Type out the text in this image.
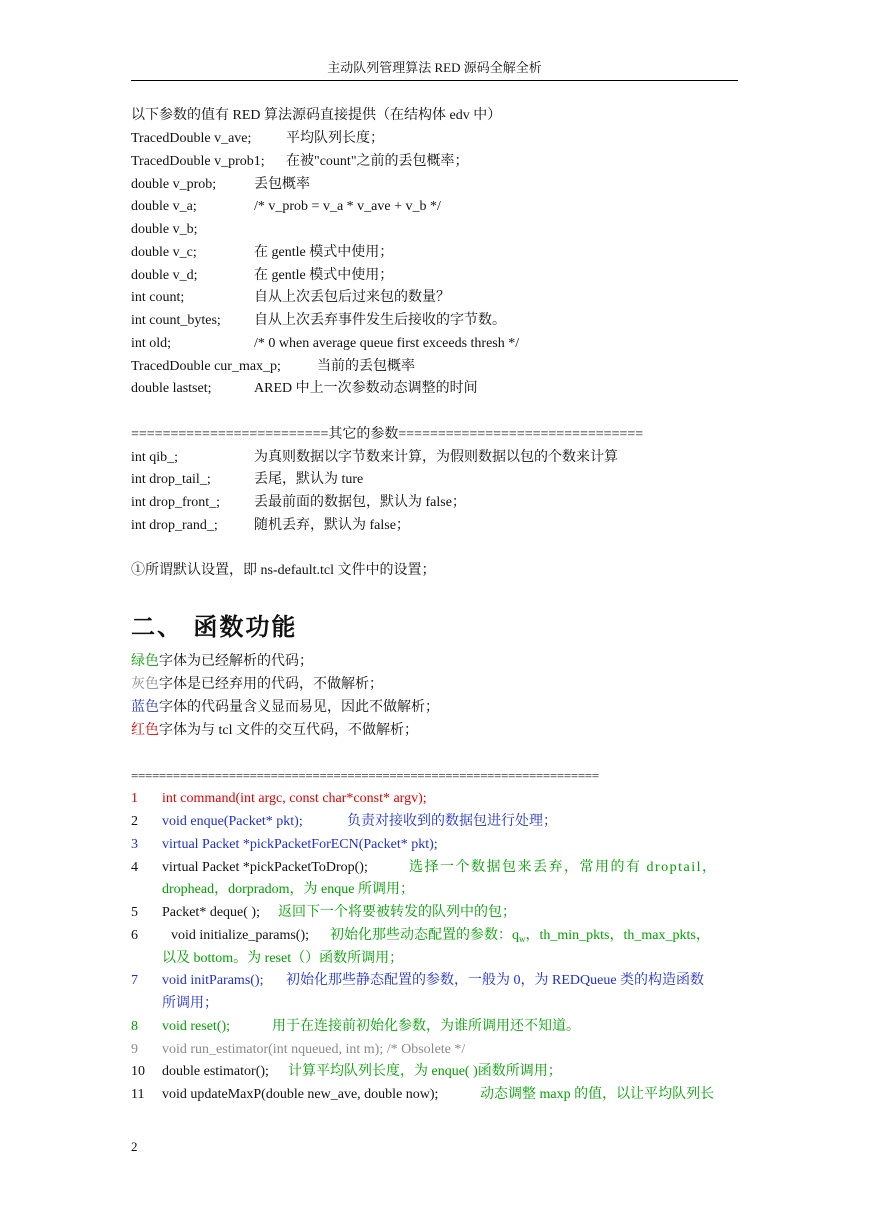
主动队列管理算法 RED 源码全解全析
以下参数的值有 RED 算法源码直接提供（在结构体 edv 中）
TracedDouble v_ave; 平均队列长度；
TracedDouble v_prob1; 在被"count"之前的丢包概率；
double v_prob;	丢包概率
double v_a;	/* v_prob = v_a * v_ave + v_b */
double v_b;
double v_c;	在 gentle 模式中使用；
double v_d;	在 gentle 模式中使用；
int count;	自从上次丢包后过来包的数量？
int count_bytes; 自从上次丢弃事件发生后接收的字节数。
int old;	/* 0 when average queue first exceeds thresh */
TracedDouble cur_max_p;	当前的丢包概率
double lastset;	ARED 中上一次参数动态调整的时间
=========================其它的参数===============================
int qib_;	为真则数据以字节数来计算，为假则数据以包的个数来计算
int drop_tail_;	丢尾，默认为 ture
int drop_front_; 丢最前面的数据包，默认为 false；
int drop_rand_;	随机丢弃，默认为 false；
①所谓默认设置，即 ns-default.tcl 文件中的设置；
二、 函数功能
绿色字体为已经解析的代码；
灰色字体是已经弃用的代码，不做解析；
蓝色字体的代码量含义显而易见，因此不做解析；
红色字体为与 tcl 文件的交互代码，不做解析；
===================================================================
1 int command(int argc, const char*const* argv);
2 void enque(Packet* pkt);	负责对接收到的数据包进行处理；
3 virtual Packet *pickPacketForECN(Packet* pkt);
4 virtual Packet *pickPacketToDrop();	选择一个数据包来丢弃，常用的有 droptail，
drophead，dorpradom，为 enque 所调用；
5 Packet* deque( ); 返回下一个将要被转发的队列中的包；
6 void initialize_params(); 初始化那些动态配置的参数：$q_w$，th_min_pkts，th_max_pkts，
以及 bottom。为 reset（）函数所调用；
7 void initParams(); 初始化那些静态配置的参数，一般为 0，为 REDQueue 类的构造函数
所调用；
8 void reset();	用于在连接前初始化参数，为谁所调用还不知道。
9 void run_estimator(int nqueued, int m); /* Obsolete */
10 double estimator(); 计算平均队列长度，为 enque( )函数所调用；
11 void updateMaxP(double new_ave, double now);	动态调整 maxp 的值，以让平均队列长
2
